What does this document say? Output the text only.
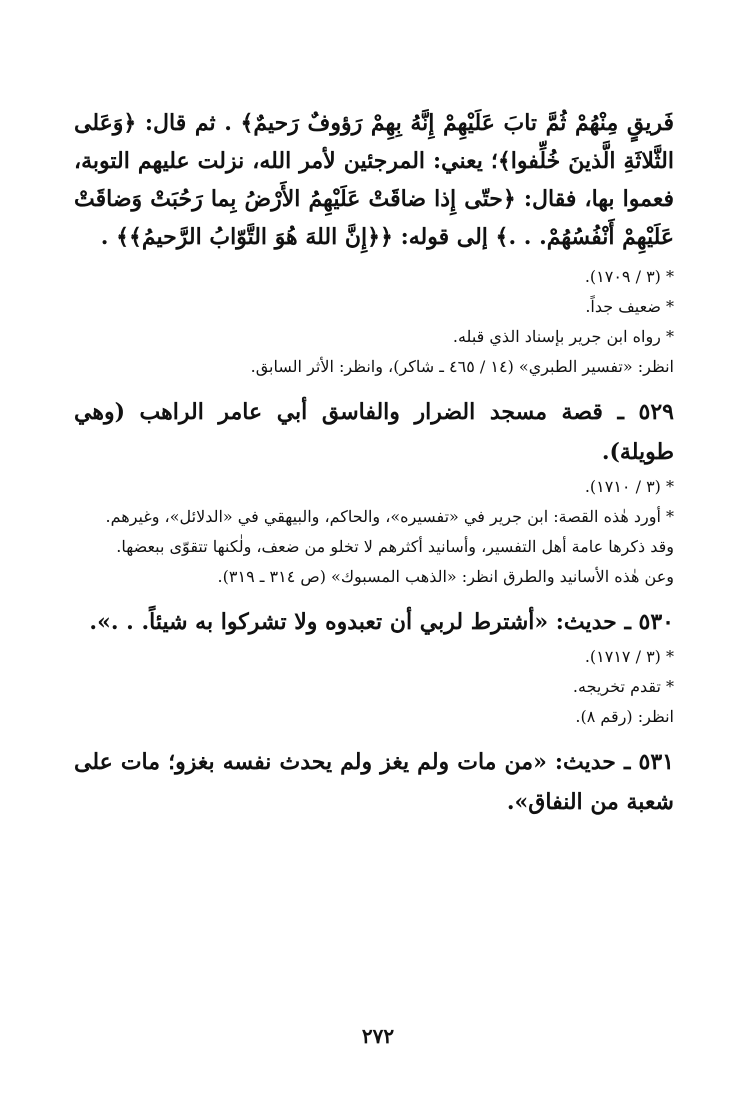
فَريقٍ مِنْهُمْ ثُمَّ تابَ عَلَيْهِمْ إِنَّهُ بِهِمْ رَؤوفٌ رَحيمٌ﴾ . ثم قال: ﴿وَعَلى الثَّلاثَةِ الَّذينَ خُلِّفوا﴾؛ يعني: المرجئين لأمر الله، نزلت عليهم التوبة، فعموا بها، فقال: ﴿حتّى إِذا ضاقَتْ عَلَيْهِمُ الأَرْضُ بِما رَحُبَتْ وَضاقَتْ عَلَيْهِمْ أَنْفُسُهُمْ. . .﴾ إلى قوله: ﴿﴿إِنَّ اللهَ هُوَ التَّوّابُ الرَّحيمُ﴾﴾ .

* (٣ / ١٧٠٩).

* ضعيف جداً.

* رواه ابن جرير بإسناد الذي قبله.

انظر: «تفسير الطبري» (١٤ / ٤٦٥ ـ شاكر)، وانظر: الأثر السابق.

٥٢٩ ـ قصة مسجد الضرار والفاسق أبي عامر الراهب (وهي طويلة).

* (٣ / ١٧١٠).

* أورد هٰذه القصة: ابن جرير في «تفسيره»، والحاكم، والبيهقي في «الدلائل»، وغيرهم.

وقد ذكرها عامة أهل التفسير، وأسانيد أكثرهم لا تخلو من ضعف، ولٰكنها تتقوّى ببعضها.

وعن هٰذه الأسانيد والطرق انظر: «الذهب المسبوك» (ص ٣١٤ ـ ٣١٩).

٥٣٠ ـ حديث: «أشترط لربي أن تعبدوه ولا تشركوا به شيئاً. . .».

* (٣ / ١٧١٧).

* تقدم تخريجه.

انظر: (رقم ٨).

٥٣١ ـ حديث: «من مات ولم يغز ولم يحدث نفسه بغزو؛ مات على شعبة من النفاق».

٢٧٢
